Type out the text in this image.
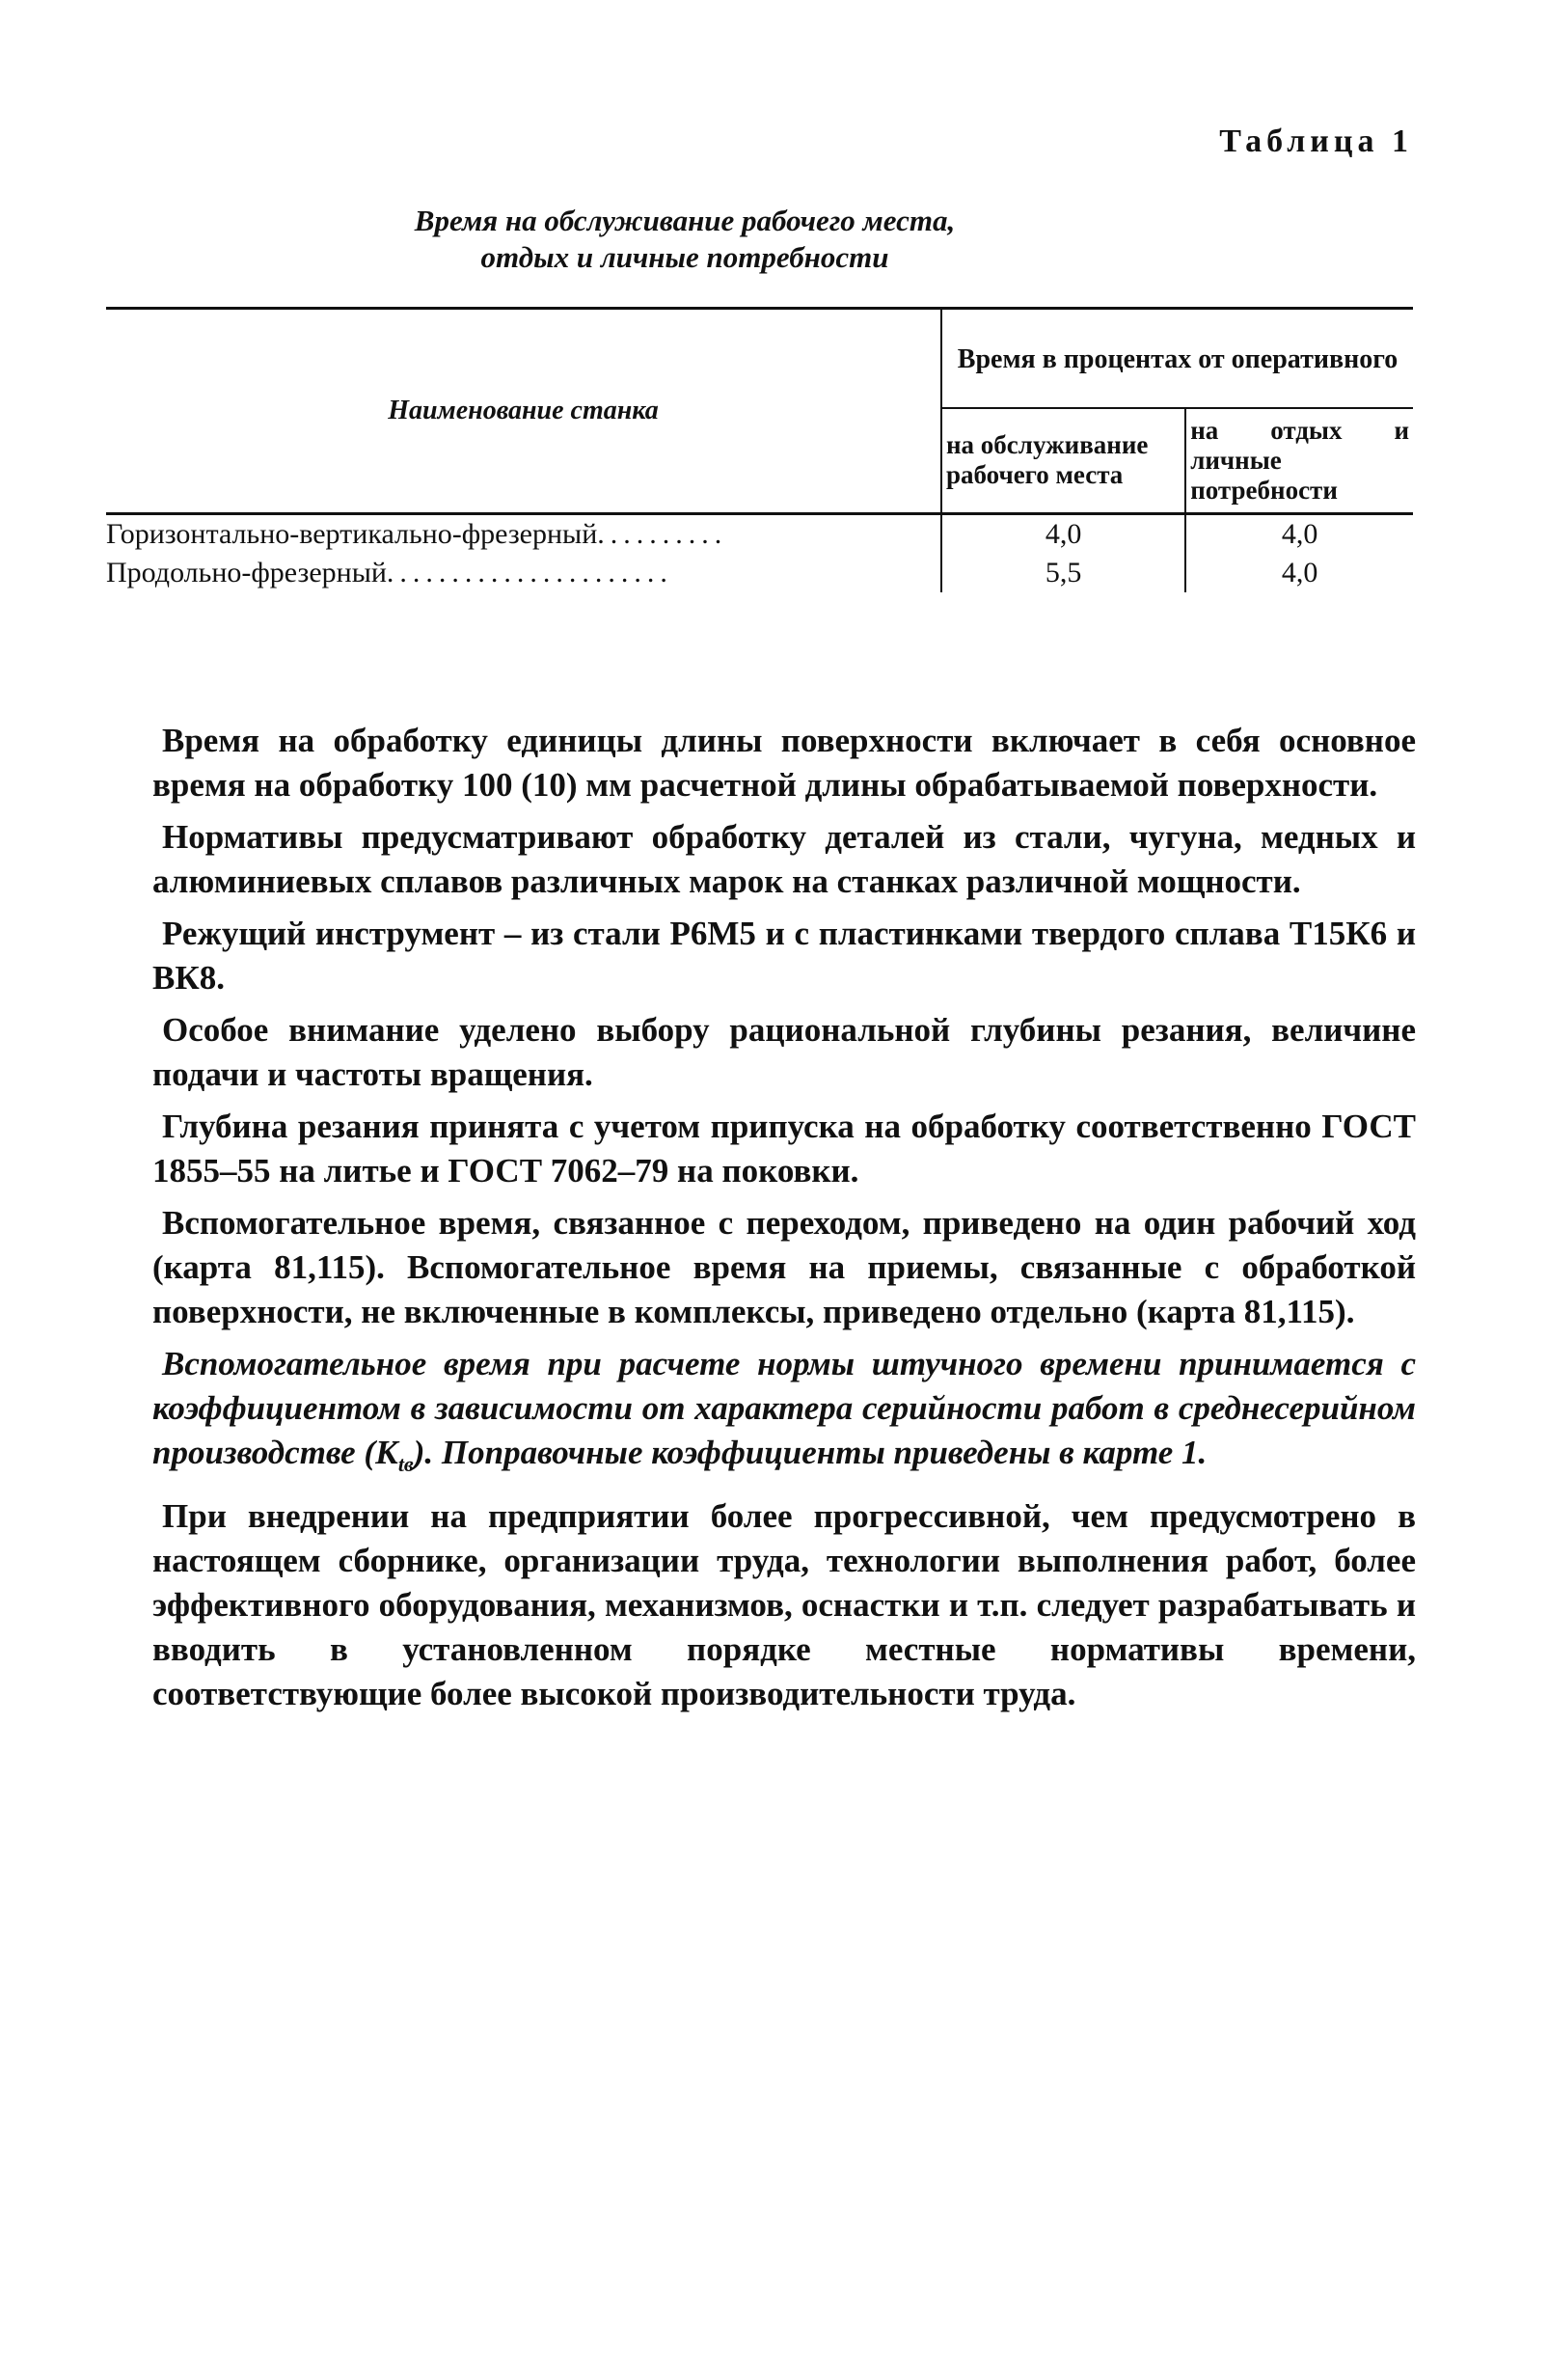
Таблица 1
Время на обслуживание рабочего места,
отдых и личные потребности
Наименование станка	Время в процентах от оперативного	
	на обслуживание рабочего места	на отдых и личные потребности
Горизонтально-вертикально-фрезерный..........	4,0	4,0
Продольно-фрезерный......................	5,5	4,0

Время на обработку единицы длины поверхности включает в себя основное время на обработку 100 (10) мм расчетной длины обрабатываемой поверхности.

Нормативы предусматривают обработку деталей из стали, чугуна, медных и алюминиевых сплавов различных марок на станках различной мощности.

Режущий инструмент – из стали Р6М5 и с пластинками твердого сплава Т15К6 и ВК8.

Особое внимание уделено выбору рациональной глубины резания, величине подачи и частоты вращения.

Глубина резания принята с учетом припуска на обработку соответственно ГОСТ 1855–55 на литье и ГОСТ 7062–79 на поковки.

Вспомогательное время, связанное с переходом, приведено на один рабочий ход (карта 81,115). Вспомогательное время на приемы, связанные с обработкой поверхности, не включенные в комплексы, приведено отдельно (карта 81,115).

Вспомогательное время при расчете нормы штучного времени принимается с коэффициентом в зависимости от характера серийности работ в среднесерийном производстве $(К_{tв})$. Поправочные коэффициенты приведены в карте 1.

При внедрении на предприятии более прогрессивной, чем предусмотрено в настоящем сборнике, организации труда, технологии выполнения работ, более эффективного оборудования, механизмов, оснастки и т.п. следует разрабатывать и вводить в установленном порядке местные нормативы времени, соответствующие более высокой производительности труда.
